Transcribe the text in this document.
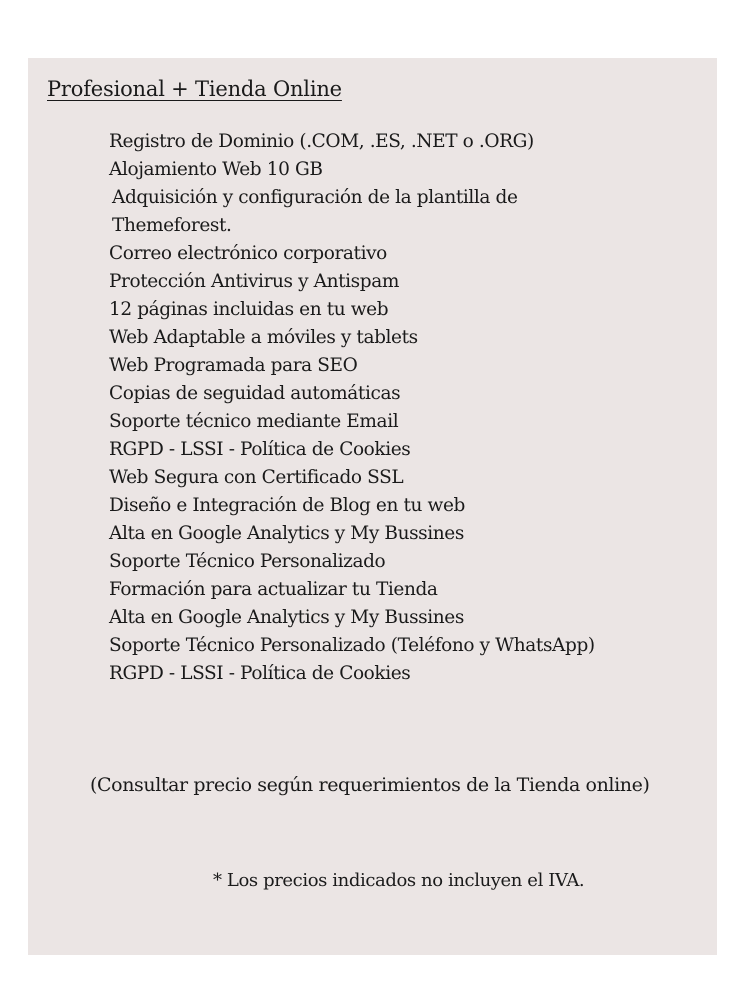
Profesional + Tienda Online
Registro de Dominio (.COM, .ES, .NET o .ORG)
Alojamiento Web 10 GB
Adquisición y configuración de la plantilla de Themeforest.
Correo electrónico corporativo
Protección Antivirus y Antispam
12 páginas incluidas en tu web
Web Adaptable a móviles y tablets
Web Programada para SEO
Copias de seguidad automáticas
Soporte técnico mediante Email
RGPD - LSSI - Política de Cookies
Web Segura con Certificado SSL
Diseño e Integración de Blog en tu web
Alta en Google Analytics y My Bussines
Soporte Técnico Personalizado
Formación para actualizar tu Tienda
Alta en Google Analytics y My Bussines
Soporte Técnico Personalizado (Teléfono y WhatsApp)
RGPD - LSSI - Política de Cookies
(Consultar precio según requerimientos de la Tienda online)
* Los precios indicados no incluyen el IVA.
